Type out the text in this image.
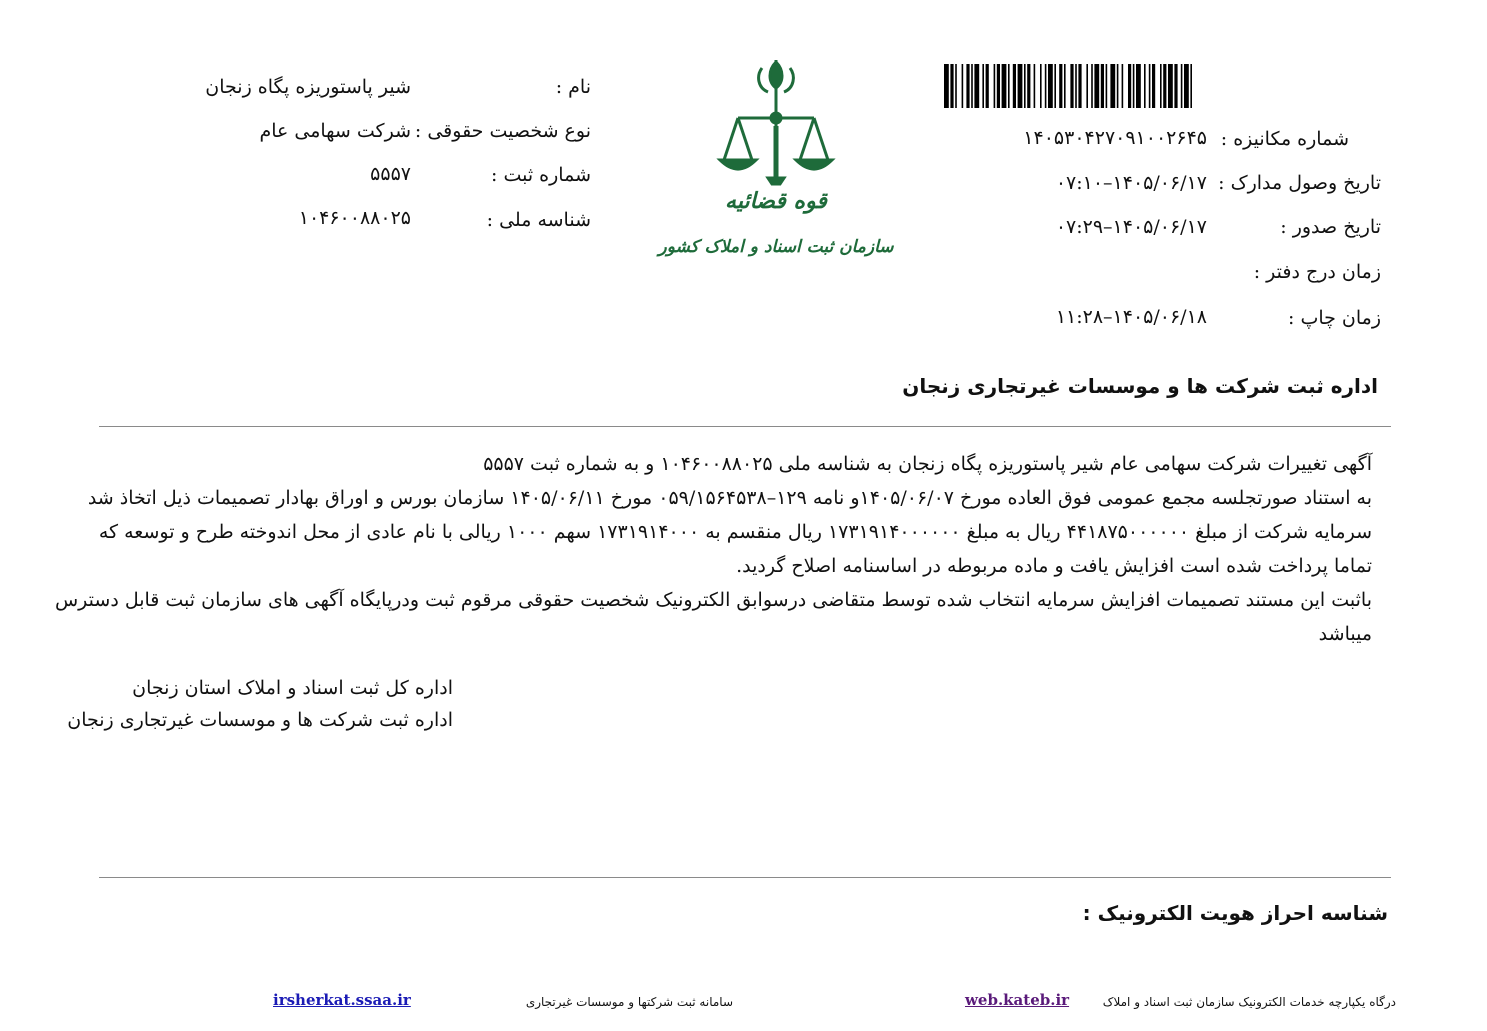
شماره مکانیزه :
۱۴۰۵۳۰۴۲۷۰۹۱۰۰۲۶۴۵
تاریخ وصول مدارک :
۱۴۰۵/۰۶/۱۷–۰۷:۱۰
تاریخ صدور :
۱۴۰۵/۰۶/۱۷–۰۷:۲۹
زمان درج دفتر :
زمان چاپ :
۱۴۰۵/۰۶/۱۸–۱۱:۲۸
قوه قضائیه
سازمان ثبت اسناد و املاک کشور
نام :
شیر پاستوریزه پگاه زنجان
نوع شخصیت حقوقی :
شرکت سهامی عام
شماره ثبت :
۵۵۵۷
شناسه ملی :
۱۰۴۶۰۰۸۸۰۲۵
اداره ثبت شرکت ها و موسسات غیرتجاری زنجان
آگهی تغییرات شرکت سهامی عام شیر پاستوریزه پگاه زنجان به شناسه ملی ۱۰۴۶۰۰۸۸۰۲۵ و به شماره ثبت ۵۵۵۷
به استناد صورتجلسه مجمع عمومی فوق العاده مورخ ۱۴۰۵/۰۶/۰۷و نامه ۱۲۹–۰۵۹/۱۵۶۴۵۳۸ مورخ ۱۴۰۵/۰۶/۱۱ سازمان بورس و اوراق بهادار تصمیمات ذیل اتخاذ شد
سرمایه شرکت از مبلغ ۴۴۱۸۷۵۰۰۰۰۰۰ ریال به مبلغ ۱۷۳۱۹۱۴۰۰۰۰۰۰ ریال منقسم به ۱۷۳۱۹۱۴۰۰۰ سهم ۱۰۰۰ ریالی با نام عادی از محل اندوخته طرح و توسعه که
تماما پرداخت شده است افزایش یافت و ماده مربوطه در اساسنامه اصلاح گردید.
باثبت این مستند تصمیمات افزایش سرمایه انتخاب شده توسط متقاضی درسوابق الکترونیک شخصیت حقوقی مرقوم ثبت ودرپایگاه آگهی های سازمان ثبت قابل دسترس
میباشد
اداره کل ثبت اسناد و املاک استان زنجان
اداره ثبت شرکت ها و موسسات غیرتجاری زنجان
شناسه احراز هویت الکترونیک :
درگاه یکپارچه خدمات الکترونیک سازمان ثبت اسناد و املاک
web.kateb.ir
سامانه ثبت شرکتها و موسسات غیرتجاری
irsherkat.ssaa.ir
